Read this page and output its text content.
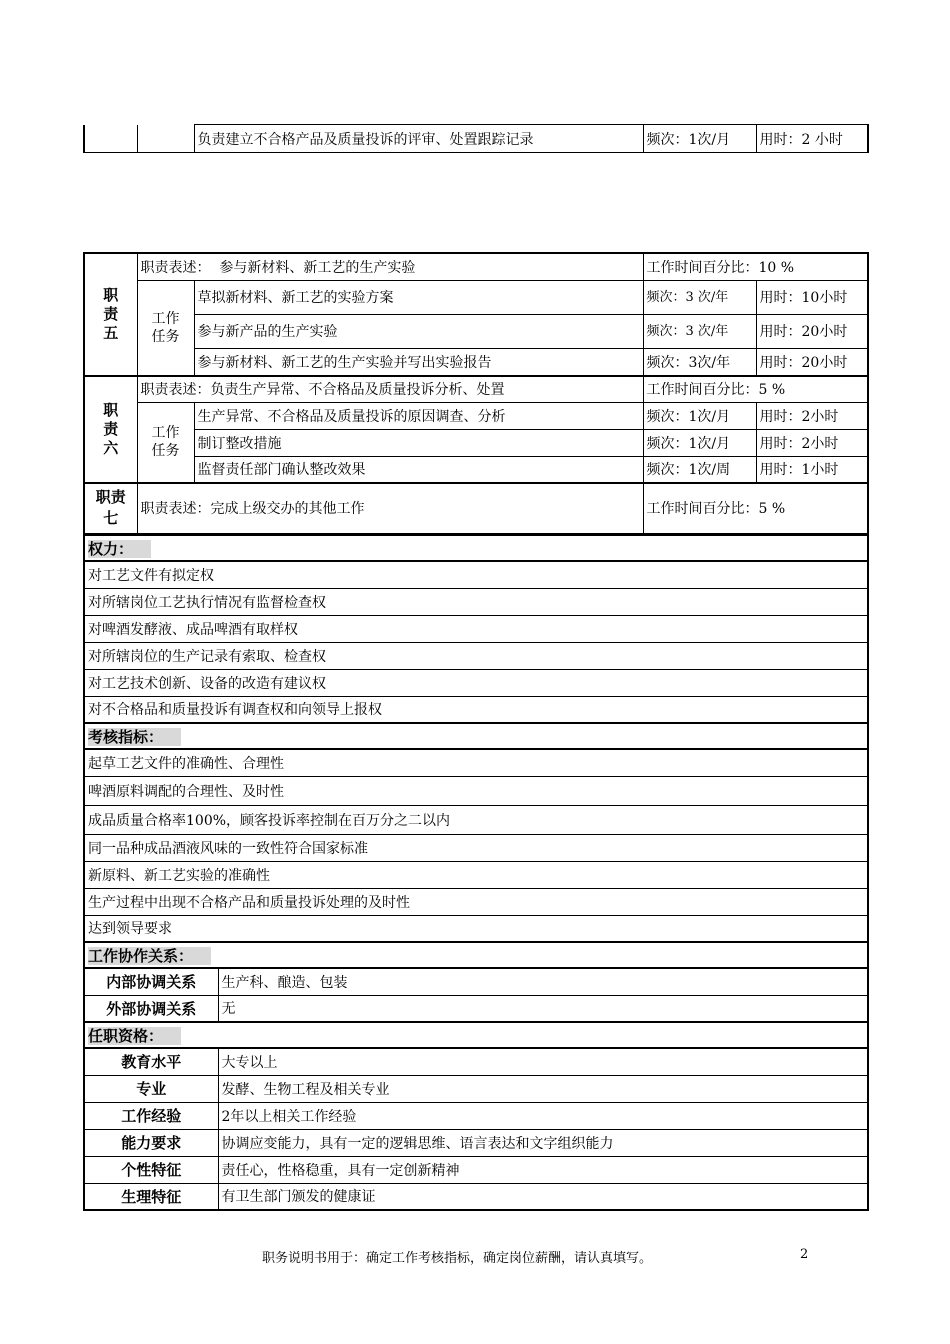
		负责建立不合格产品及质量投诉的评审、处置跟踪记录	频次：1次/月	用时：2 小时
职责五	职责表述： 参与新材料、新工艺的生产实验		工作时间百分比：10 %	

	工作任务	草拟新材料、新工艺的实验方案	频次：3 次/年	用时：10小时
		参与新产品的生产实验	频次：3 次/年	用时：20小时
		参与新材料、新工艺的生产实验并写出实验报告	频次：3次/年	用时：20小时

职责六	职责表述：负责生产异常、不合格品及质量投诉分析、处置		工作时间百分比：5 %	

	工作任务	生产异常、不合格品及质量投诉的原因调查、分析	频次：1次/月	用时：2小时
		制订整改措施	频次：1次/月	用时：2小时
		监督责任部门确认整改效果	频次：1次/周	用时：1小时

职责七	职责表述：完成上级交办的其他工作		工作时间百分比：5 %	
权力：	
对工艺文件有拟定权	
对所辖岗位工艺执行情况有监督检查权	
对啤酒发酵液、成品啤酒有取样权	
对所辖岗位的生产记录有索取、检查权	
对工艺技术创新、设备的改造有建议权	
对不合格品和质量投诉有调查权和向领导上报权	
考核指标：	
起草工艺文件的准确性、合理性	
啤酒原料调配的合理性、及时性	
成品质量合格率100%，顾客投诉率控制在百万分之二以内	
同一品种成品酒液风味的一致性符合国家标准	
新原料、新工艺实验的准确性	
生产过程中出现不合格产品和质量投诉处理的及时性	
达到领导要求	
工作协作关系：	
内部协调关系	生产科、酿造、包装
外部协调关系	无
任职资格：	
教育水平	大专以上
专业	发酵、生物工程及相关专业
工作经验	2年以上相关工作经验
能力要求	协调应变能力，具有一定的逻辑思维、语言表达和文字组织能力
个性特征	责任心，性格稳重，具有一定创新精神
生理特征	有卫生部门颁发的健康证
职务说明书用于：确定工作考核指标，确定岗位薪酬，请认真填写。	2
